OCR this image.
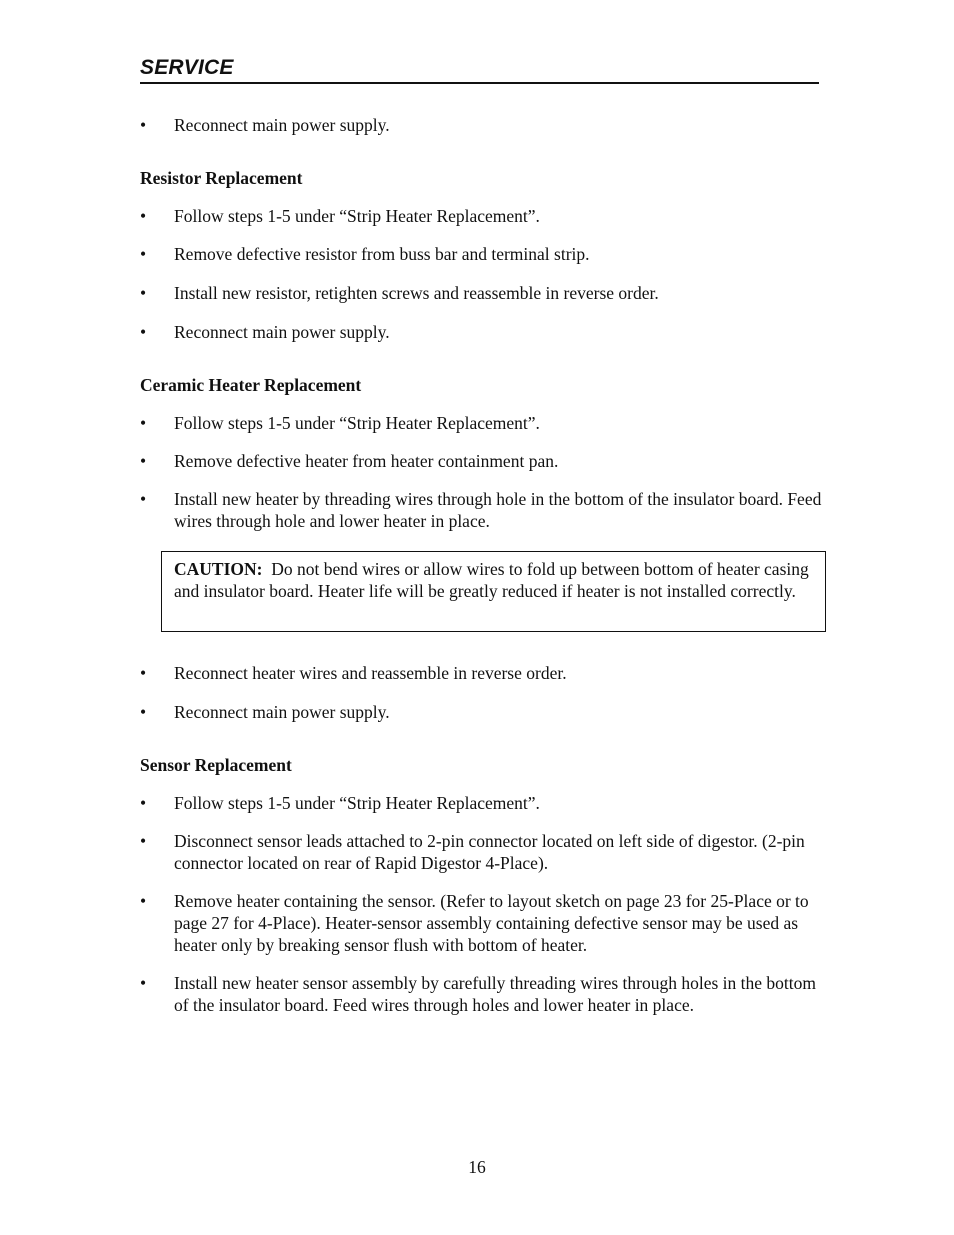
SERVICE
•	Reconnect main power supply.
Resistor Replacement
•	Follow steps 1-5 under “Strip Heater Replacement”.
•	Remove defective resistor from buss bar and terminal strip.
•	Install new resistor, retighten screws and reassemble in reverse order.
•	Reconnect main power supply.
Ceramic Heater Replacement
•	Follow steps 1-5 under “Strip Heater Replacement”.
•	Remove defective heater from heater containment pan.
•	Install new heater by threading wires through hole in the bottom of the insulator board. Feed wires through hole and lower heater in place.
CAUTION: Do not bend wires or allow wires to fold up between bottom of heater casing and insulator board. Heater life will be greatly reduced if heater is not installed correctly.
•	Reconnect heater wires and reassemble in reverse order.
•	Reconnect main power supply.
Sensor Replacement
•	Follow steps 1-5 under “Strip Heater Replacement”.
•	Disconnect sensor leads attached to 2-pin connector located on left side of digestor. (2-pin connector located on rear of Rapid Digestor 4-Place).
•	Remove heater containing the sensor. (Refer to layout sketch on page 23 for 25-Place or to page 27 for 4-Place). Heater-sensor assembly containing defective sensor may be used as heater only by breaking sensor flush with bottom of heater.
•	Install new heater sensor assembly by carefully threading wires through holes in the bottom of the insulator board. Feed wires through holes and lower heater in place.
16
